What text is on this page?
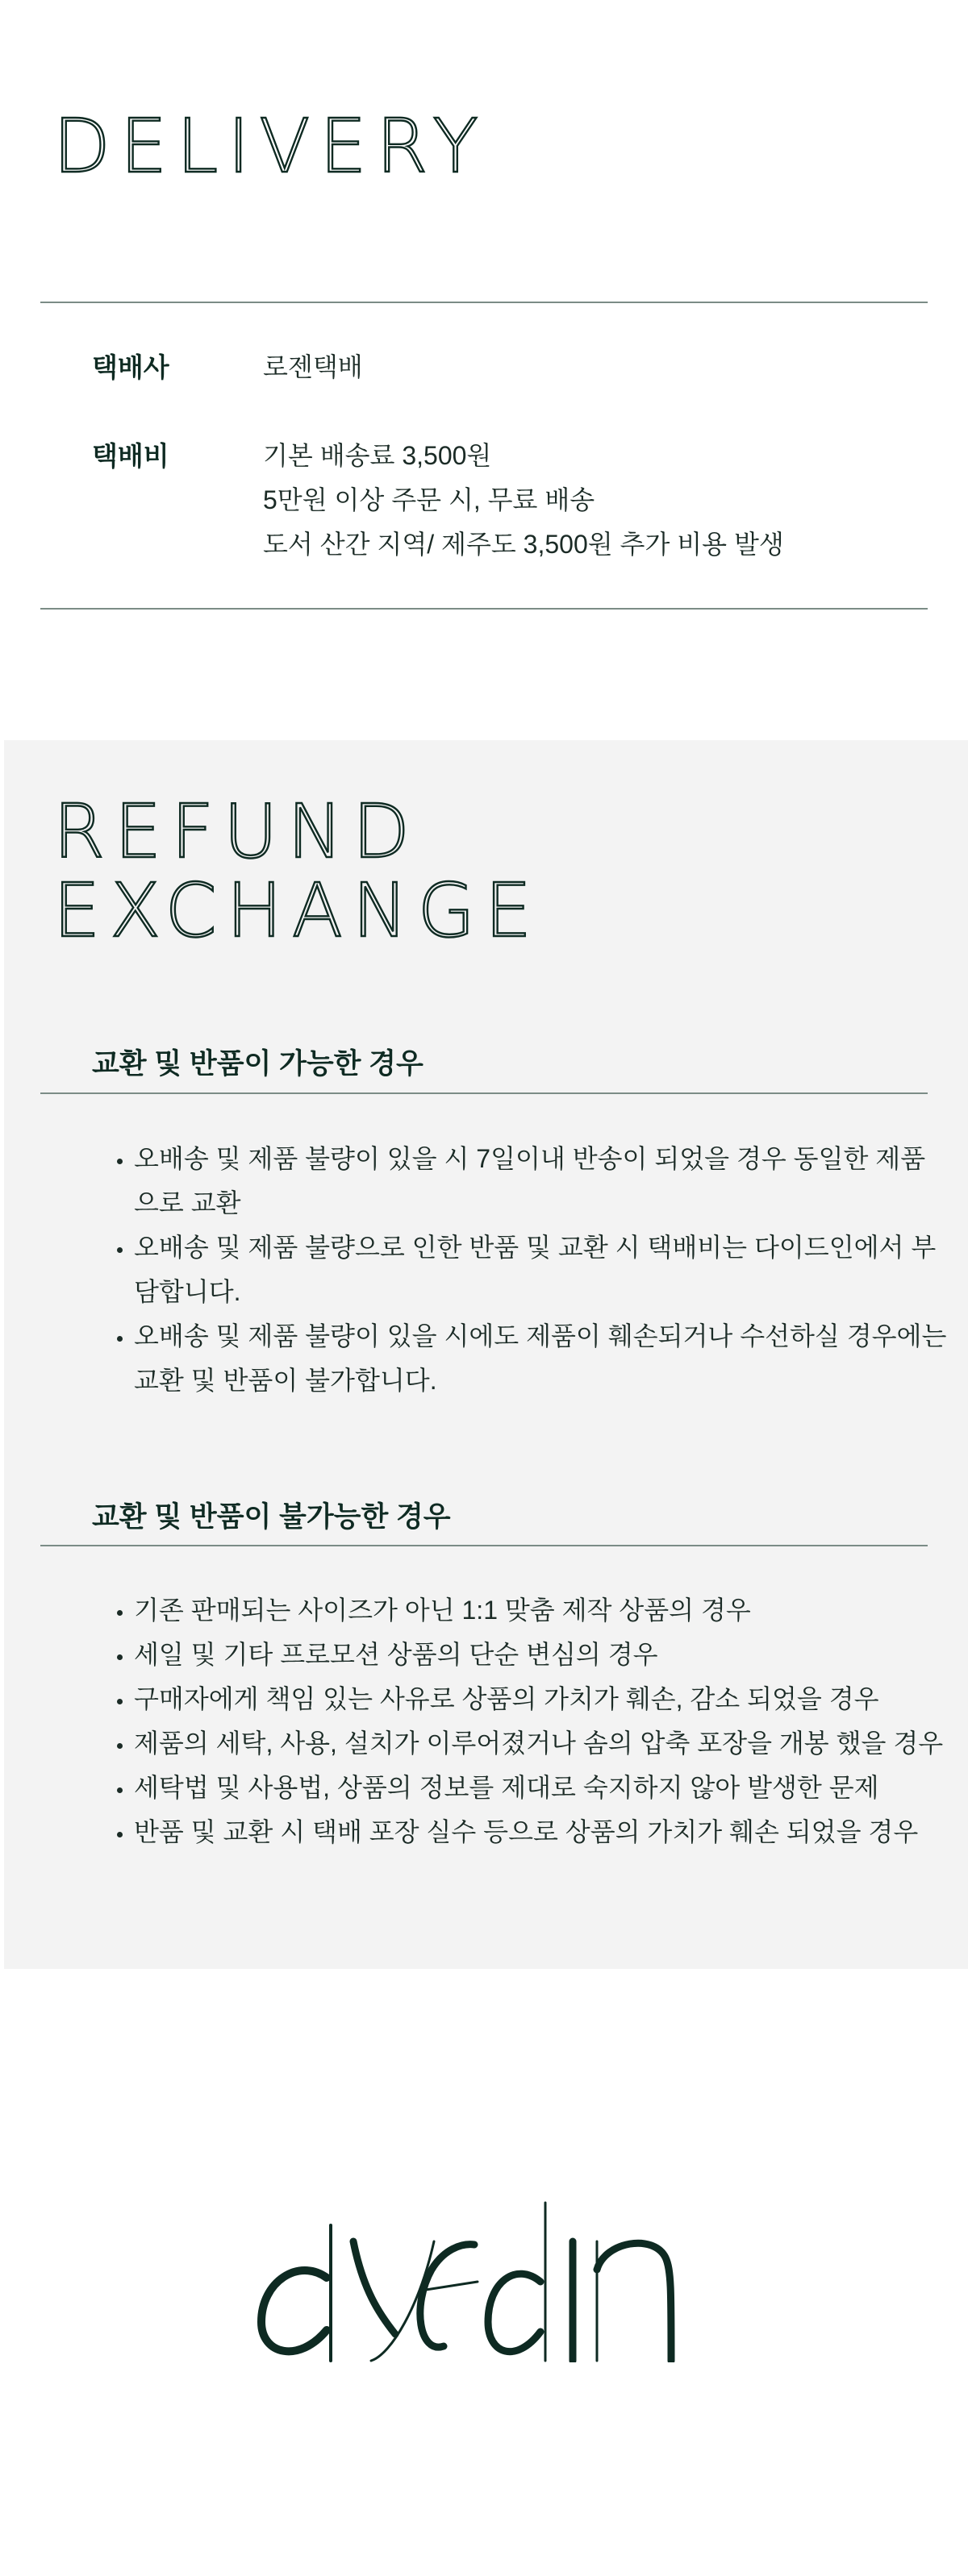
DELIVERY
택배사	로젠택배
택배비	기본 배송료 3,500원
5만원 이상 주문 시, 무료 배송
도서 산간 지역/ 제주도 3,500원 추가 비용 발생
REFUND
EXCHANGE
교환 및 반품이 가능한 경우
• 오배송 및 제품 불량이 있을 시 7일이내 반송이 되었을 경우 동일한 제품으로 교환
• 오배송 및 제품 불량으로 인한 반품 및 교환 시 택배비는 다이드인에서 부담합니다.
• 오배송 및 제품 불량이 있을 시에도 제품이 훼손되거나 수선하실 경우에는 교환 및 반품이 불가합니다.
교환 및 반품이 불가능한 경우
• 기존 판매되는 사이즈가 아닌 1:1 맞춤 제작 상품의 경우
• 세일 및 기타 프로모션 상품의 단순 변심의 경우
• 구매자에게 책임 있는 사유로 상품의 가치가 훼손, 감소 되었을 경우
• 제품의 세탁, 사용, 설치가 이루어졌거나 솜의 압축 포장을 개봉 했을 경우
• 세탁법 및 사용법, 상품의 정보를 제대로 숙지하지 않아 발생한 문제
• 반품 및 교환 시 택배 포장 실수 등으로 상품의 가치가 훼손 되었을 경우
